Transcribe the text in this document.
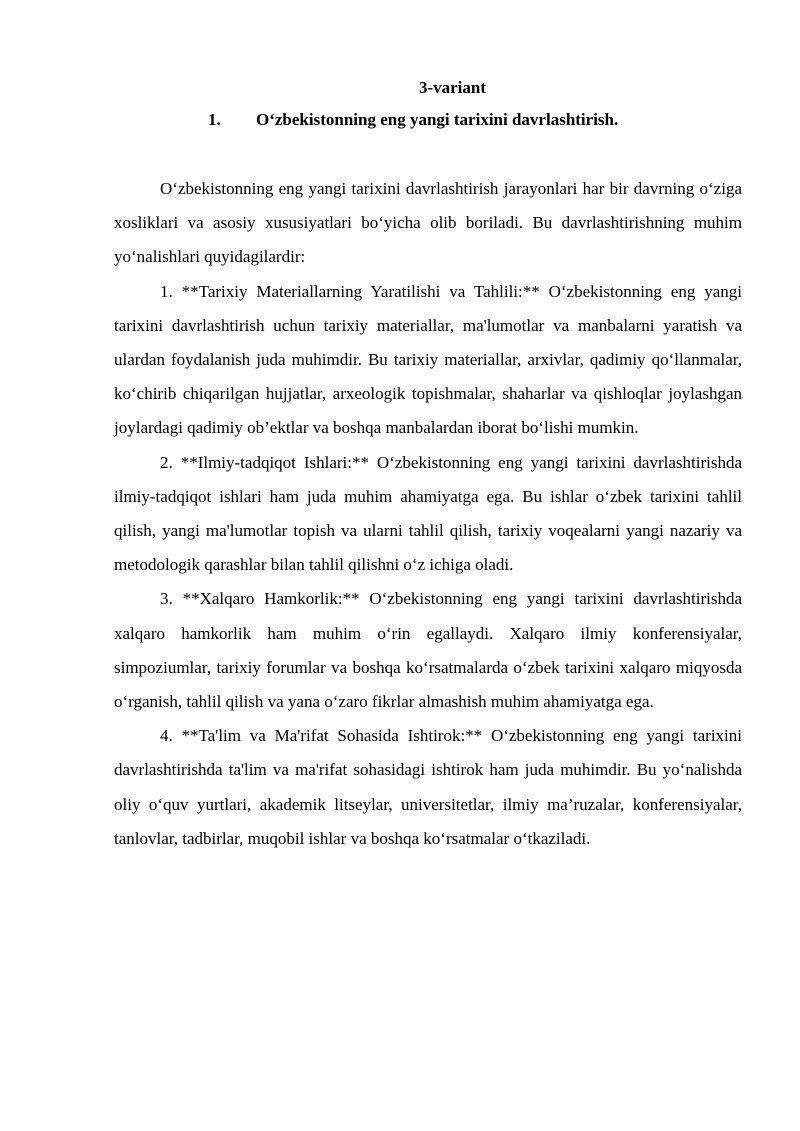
3-variant
1. O‘zbekistonning eng yangi tarixini davrlashtirish.

O‘zbekistonning eng yangi tarixini davrlashtirish jarayonlari har bir davrning o‘ziga xosliklari va asosiy xususiyatlari bo‘yicha olib boriladi. Bu davrlashtirishning muhim yo‘nalishlari quyidagilardir:

1. **Tarixiy Materiallarning Yaratilishi va Tahlili:** O‘zbekistonning eng yangi tarixini davrlashtirish uchun tarixiy materiallar, ma'lumotlar va manbalarni yaratish va ulardan foydalanish juda muhimdir. Bu tarixiy materiallar, arxivlar, qadimiy qo‘llanmalar, ko‘chirib chiqarilgan hujjatlar, arxeologik topishmalar, shaharlar va qishloqlar joylashgan joylardagi qadimiy ob’ektlar va boshqa manbalardan iborat bo‘lishi mumkin.

2. **Ilmiy-tadqiqot Ishlari:** O‘zbekistonning eng yangi tarixini davrlashtirishda ilmiy-tadqiqot ishlari ham juda muhim ahamiyatga ega. Bu ishlar o‘zbek tarixini tahlil qilish, yangi ma'lumotlar topish va ularni tahlil qilish, tarixiy voqealarni yangi nazariy va metodologik qarashlar bilan tahlil qilishni o‘z ichiga oladi.

3. **Xalqaro Hamkorlik:** O‘zbekistonning eng yangi tarixini davrlashtirishda xalqaro hamkorlik ham muhim o‘rin egallaydi. Xalqaro ilmiy konferensiyalar, simpoziumlar, tarixiy forumlar va boshqa ko‘rsatmalarda o‘zbek tarixini xalqaro miqyosda o‘rganish, tahlil qilish va yana o‘zaro fikrlar almashish muhim ahamiyatga ega.

4. **Ta'lim va Ma'rifat Sohasida Ishtirok:** O‘zbekistonning eng yangi tarixini davrlashtirishda ta'lim va ma'rifat sohasidagi ishtirok ham juda muhimdir. Bu yo‘nalishda oliy o‘quv yurtlari, akademik litseylar, universitetlar, ilmiy ma’ruzalar, konferensiyalar, tanlovlar, tadbirlar, muqobil ishlar va boshqa ko‘rsatmalar o‘tkaziladi.
